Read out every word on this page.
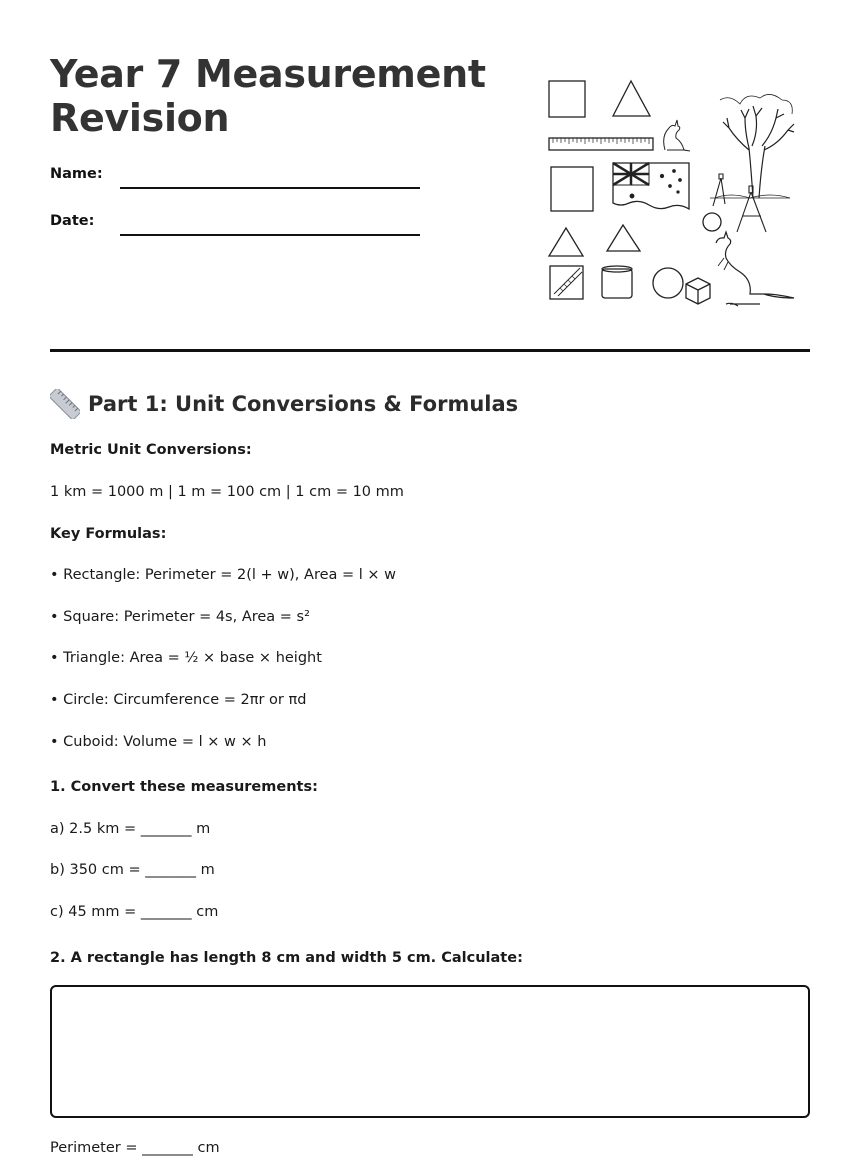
Year 7 Measurement Revision
Name:
Date:
Part 1: Unit Conversions & Formulas
Metric Unit Conversions:
1 km = 1000 m | 1 m = 100 cm | 1 cm = 10 mm
Key Formulas:
• Rectangle: Perimeter = 2(l + w), Area = l × w
• Square: Perimeter = 4s, Area = s²
• Triangle: Area = ½ × base × height
• Circle: Circumference = 2πr or πd
• Cuboid: Volume = l × w × h
1. Convert these measurements:
a) 2.5 km = _______ m
b) 350 cm = _______ m
c) 45 mm = _______ cm
2. A rectangle has length 8 cm and width 5 cm. Calculate:
Perimeter = _______ cm
